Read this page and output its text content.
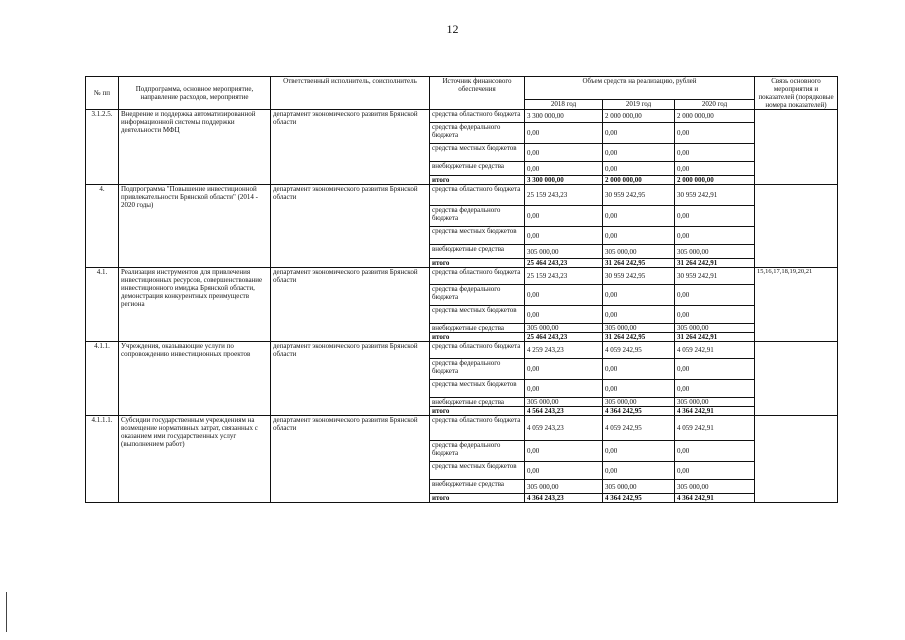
12
№ пп	Подпрограмма, основное мероприятие, направление расходов, мероприятие	Ответственный исполнитель, соисполнитель	Источник финансового обеспечения	Объем средств на реализацию, рублей			Связь основного мероприятия и показателей (порядковые номера показателей)
				2018 год	2019 год	2020 год	
3.1.2.5.	Внедрение и поддержка автоматизированной информационной системы поддержки деятельности МФЦ	департамент экономического развития Брянской области	средства областного бюджета	3 300 000,00	2 000 000,00	2 000 000,00	
			средства федерального бюджета	0,00	0,00	0,00	
			средства местных бюджетов	0,00	0,00	0,00	
			внебюджетные средства	0,00	0,00	0,00	
			итого	3 300 000,00	2 000 000,00	2 000 000,00	
4.	Подпрограмма "Повышение инвестиционной привлекательности Брянской области" (2014 - 2020 годы)	департамент экономического развития Брянской области	средства областного бюджета	25 159 243,23	30 959 242,95	30 959 242,91	
			средства федерального бюджета	0,00	0,00	0,00	
			средства местных бюджетов	0,00	0,00	0,00	
			внебюджетные средства	305 000,00	305 000,00	305 000,00	
			итого	25 464 243,23	31 264 242,95	31 264 242,91	
4.1.	Реализация инструментов для привлечения инвестиционных ресурсов, совершенствование инвестиционного имиджа Брянской области, демонстрация конкурентных преимуществ региона	департамент экономического развития Брянской области	средства областного бюджета	25 159 243,23	30 959 242,95	30 959 242,91	15,16,17,18,19,20,21
			средства федерального бюджета	0,00	0,00	0,00	
			средства местных бюджетов	0,00	0,00	0,00	
			внебюджетные средства	305 000,00	305 000,00	305 000,00	
			итого	25 464 243,23	31 264 242,95	31 264 242,91	
4.1.1.	Учреждения, оказывающие услуги по сопровождению инвестиционных проектов	департамент экономического развития Брянской области	средства областного бюджета	4 259 243,23	4 059 242,95	4 059 242,91	
			средства федерального бюджета	0,00	0,00	0,00	
			средства местных бюджетов	0,00	0,00	0,00	
			внебюджетные средства	305 000,00	305 000,00	305 000,00	
			итого	4 564 243,23	4 364 242,95	4 364 242,91	
4.1.1.1.	Субсидии государственным учреждениям на возмещение нормативных затрат, связанных с оказанием ими государственных услуг (выполнением работ)	департамент экономического развития Брянской области	средства областного бюджета	4 059 243,23	4 059 242,95	4 059 242,91	
			средства федерального бюджета	0,00	0,00	0,00	
			средства местных бюджетов	0,00	0,00	0,00	
			внебюджетные средства	305 000,00	305 000,00	305 000,00	
			итого	4 364 243,23	4 364 242,95	4 364 242,91	
